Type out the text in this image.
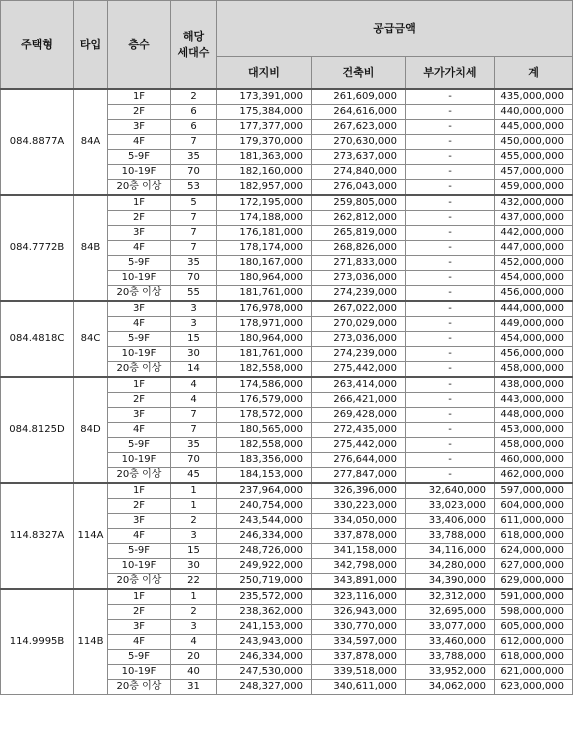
주택형	타입	층수	해당
세대수	공급금액			
				대지비	건축비	부가가치세	계
084.8877A	84A	1F	2	173,391,000	261,609,000	-	435,000,000
		2F	6	175,384,000	264,616,000	-	440,000,000
		3F	6	177,377,000	267,623,000	-	445,000,000
		4F	7	179,370,000	270,630,000	-	450,000,000
		5-9F	35	181,363,000	273,637,000	-	455,000,000
		10-19F	70	182,160,000	274,840,000	-	457,000,000
		20층 이상	53	182,957,000	276,043,000	-	459,000,000
084.7772B	84B	1F	5	172,195,000	259,805,000	-	432,000,000
		2F	7	174,188,000	262,812,000	-	437,000,000
		3F	7	176,181,000	265,819,000	-	442,000,000
		4F	7	178,174,000	268,826,000	-	447,000,000
		5-9F	35	180,167,000	271,833,000	-	452,000,000
		10-19F	70	180,964,000	273,036,000	-	454,000,000
		20층 이상	55	181,761,000	274,239,000	-	456,000,000
084.4818C	84C	3F	3	176,978,000	267,022,000	-	444,000,000
		4F	3	178,971,000	270,029,000	-	449,000,000
		5-9F	15	180,964,000	273,036,000	-	454,000,000
		10-19F	30	181,761,000	274,239,000	-	456,000,000
		20층 이상	14	182,558,000	275,442,000	-	458,000,000
084.8125D	84D	1F	4	174,586,000	263,414,000	-	438,000,000
		2F	4	176,579,000	266,421,000	-	443,000,000
		3F	7	178,572,000	269,428,000	-	448,000,000
		4F	7	180,565,000	272,435,000	-	453,000,000
		5-9F	35	182,558,000	275,442,000	-	458,000,000
		10-19F	70	183,356,000	276,644,000	-	460,000,000
		20층 이상	45	184,153,000	277,847,000	-	462,000,000
114.8327A	114A	1F	1	237,964,000	326,396,000	32,640,000	597,000,000
		2F	1	240,754,000	330,223,000	33,023,000	604,000,000
		3F	2	243,544,000	334,050,000	33,406,000	611,000,000
		4F	3	246,334,000	337,878,000	33,788,000	618,000,000
		5-9F	15	248,726,000	341,158,000	34,116,000	624,000,000
		10-19F	30	249,922,000	342,798,000	34,280,000	627,000,000
		20층 이상	22	250,719,000	343,891,000	34,390,000	629,000,000
114.9995B	114B	1F	1	235,572,000	323,116,000	32,312,000	591,000,000
		2F	2	238,362,000	326,943,000	32,695,000	598,000,000
		3F	3	241,153,000	330,770,000	33,077,000	605,000,000
		4F	4	243,943,000	334,597,000	33,460,000	612,000,000
		5-9F	20	246,334,000	337,878,000	33,788,000	618,000,000
		10-19F	40	247,530,000	339,518,000	33,952,000	621,000,000
		20층 이상	31	248,327,000	340,611,000	34,062,000	623,000,000
